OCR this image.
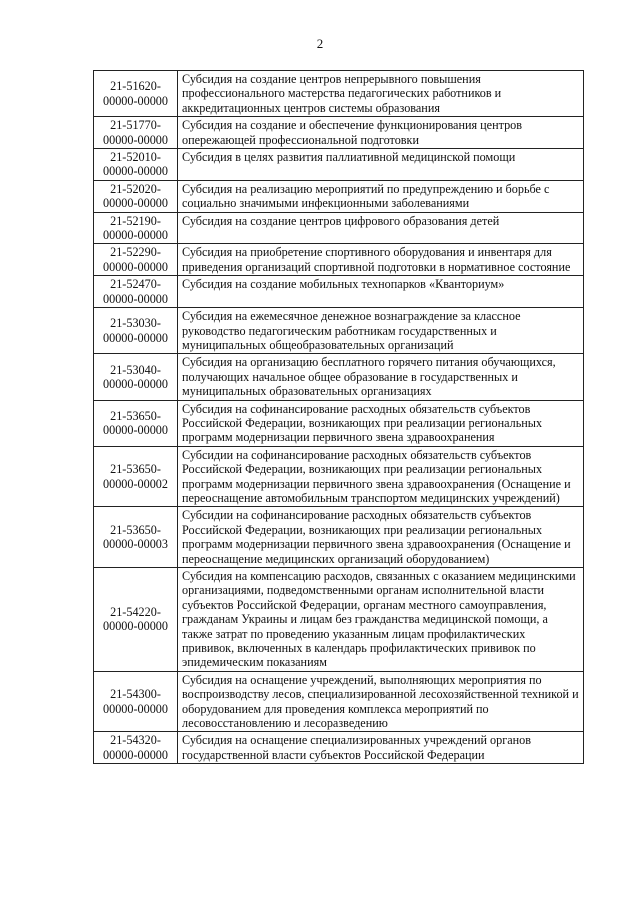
2
21-51620-
00000-00000	Субсидия на создание центров непрерывного повышения профессионального мастерства педагогических работников и аккредитационных центров системы образования

21-51770-
00000-00000	Субсидия на создание и обеспечение функционирования центров опережающей профессиональной подготовки

21-52010-
00000-00000	Субсидия в целях развития паллиативной медицинской помощи

21-52020-
00000-00000	Субсидия на реализацию мероприятий по предупреждению и борьбе с социально значимыми инфекционными заболеваниями

21-52190-
00000-00000	Субсидия на создание центров цифрового образования детей

21-52290-
00000-00000	Субсидия на приобретение спортивного оборудования и инвентаря для приведения организаций спортивной подготовки в нормативное состояние

21-52470-
00000-00000	Субсидия на создание мобильных технопарков «Кванториум»

21-53030-
00000-00000	Субсидия на ежемесячное денежное вознаграждение за классное руководство педагогическим работникам государственных и муниципальных общеобразовательных организаций

21-53040-
00000-00000	Субсидия на организацию бесплатного горячего питания обучающихся, получающих начальное общее образование в государственных и муниципальных образовательных организациях

21-53650-
00000-00000	Субсидия на софинансирование расходных обязательств субъектов Российской Федерации, возникающих при реализации региональных программ модернизации первичного звена здравоохранения

21-53650-
00000-00002	Субсидии на софинансирование расходных обязательств субъектов Российской Федерации, возникающих при реализации региональных программ модернизации первичного звена здравоохранения (Оснащение и переоснащение автомобильным транспортом медицинских учреждений)

21-53650-
00000-00003	Субсидии на софинансирование расходных обязательств субъектов Российской Федерации, возникающих при реализации региональных программ модернизации первичного звена здравоохранения (Оснащение и переоснащение медицинских организаций оборудованием)

21-54220-
00000-00000	Субсидия на компенсацию расходов, связанных с оказанием медицинскими организациями, подведомственными органам исполнительной власти субъектов Российской Федерации, органам местного самоуправления, гражданам Украины и лицам без гражданства медицинской помощи, а также затрат по проведению указанным лицам профилактических прививок, включенных в календарь профилактических прививок по эпидемическим показаниям

21-54300-
00000-00000	Субсидия на оснащение учреждений, выполняющих мероприятия по воспроизводству лесов, специализированной лесохозяйственной техникой и оборудованием для проведения комплекса мероприятий по лесовосстановлению и лесоразведению

21-54320-
00000-00000	Субсидия на оснащение специализированных учреждений органов государственной власти субъектов Российской Федерации
